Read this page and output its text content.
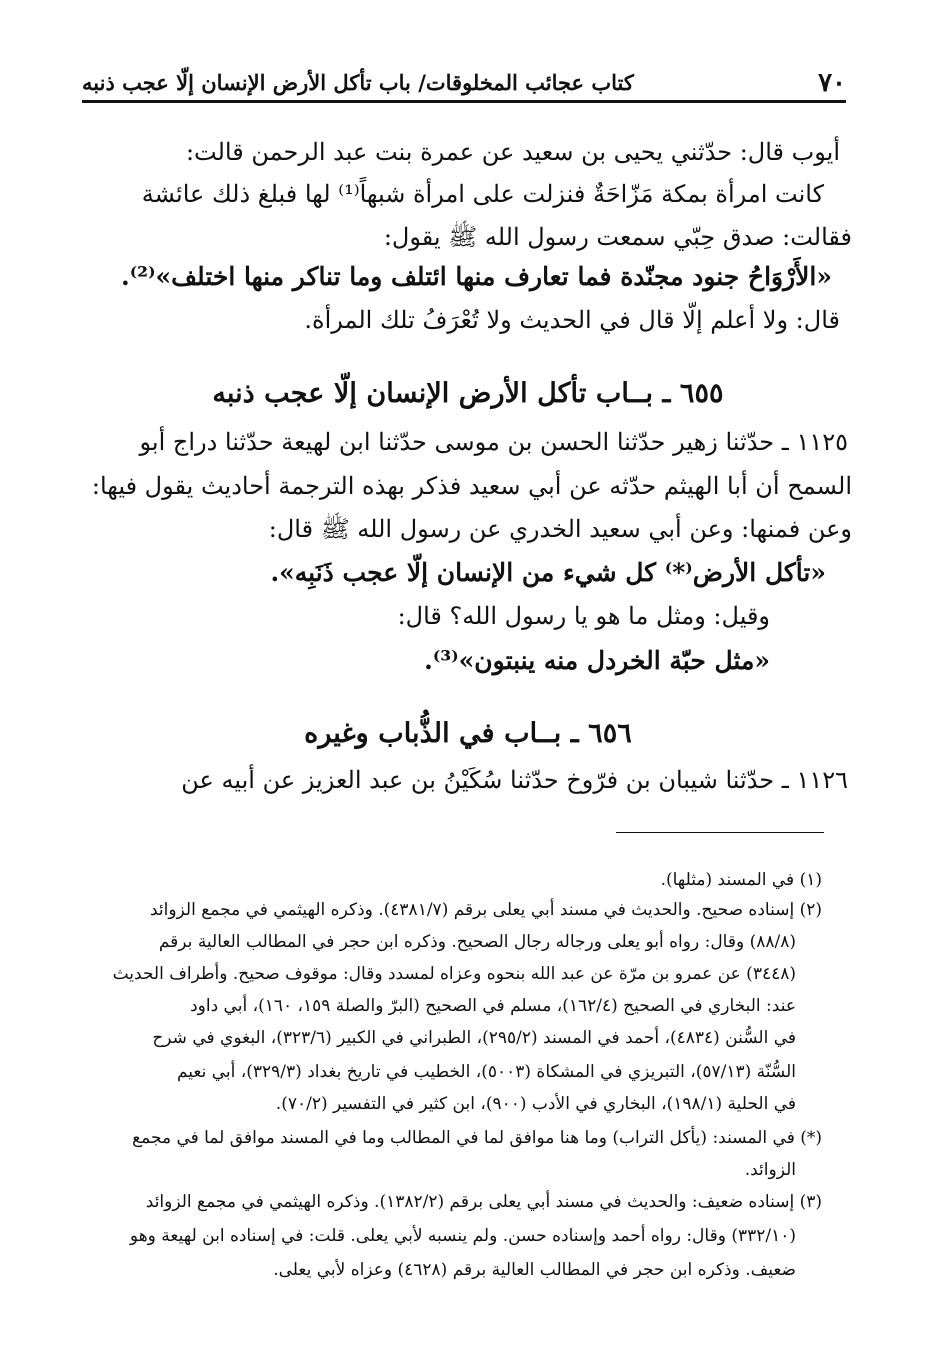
٧٠
كتاب عجائب المخلوقات/ باب تأكل الأرض الإنسان إلّا عجب ذنبه
أيوب قال: حدّثني يحيى بن سعيد عن عمرة بنت عبد الرحمن قالت:
كانت امرأة بمكة مَزّاحَةٌ فنزلت على امرأة شبهاً⁽¹⁾ لها فبلغ ذلك عائشة
فقالت: صدق حِبّي سمعت رسول الله ﷺ يقول:
«الأَرْوَاحُ جنود مجنّدة فما تعارف منها ائتلف وما تناكر منها اختلف»⁽²⁾.
قال: ولا أعلم إلّا قال في الحديث ولا تُعْرَفُ تلك المرأة.
٦٥٥ ـ بــاب تأكل الأرض الإنسان إلّا عجب ذنبه
١١٢٥ ـ حدّثنا زهير حدّثنا الحسن بن موسى حدّثنا ابن لهيعة حدّثنا دراج أبو
السمح أن أبا الهيثم حدّثه عن أبي سعيد فذكر بهذه الترجمة أحاديث يقول فيها:
وعن فمنها: وعن أبي سعيد الخدري عن رسول الله ﷺ قال:
«تأكل الأرض⁽*⁾ كل شيء من الإنسان إلّا عجب ذَنَبِه».
وقيل: ومثل ما هو يا رسول الله؟ قال:
«مثل حبّة الخردل منه ينبتون»⁽³⁾.
٦٥٦ ـ بــاب في الذُّباب وغيره
١١٢٦ ـ حدّثنا شيبان بن فرّوخ حدّثنا سُكَيْنُ بن عبد العزيز عن أبيه عن
(١) في المسند (مثلها).
(٢) إسناده صحيح. والحديث في مسند أبي يعلى برقم (٤٣٨١/٧). وذكره الهيثمي في مجمع الزوائد
(٨٨/٨) وقال: رواه أبو يعلى ورجاله رجال الصحيح. وذكره ابن حجر في المطالب العالية برقم
(٣٤٤٨) عن عمرو بن مرّة عن عبد الله بنحوه وعزاه لمسدد وقال: موقوف صحيح. وأطراف الحديث
عند: البخاري في الصحيح (١٦٢/٤)، مسلم في الصحيح (البرّ والصلة ١٥٩، ١٦٠)، أبي داود
في السُّنن (٤٨٣٤)، أحمد في المسند (٢٩٥/٢)، الطبراني في الكبير (٣٢٣/٦)، البغوي في شرح
السُّنّة (٥٧/١٣)، التبريزي في المشكاة (٥٠٠٣)، الخطيب في تاريخ بغداد (٣٢٩/٣)، أبي نعيم
في الحلية (١٩٨/١)، البخاري في الأدب (٩٠٠)، ابن كثير في التفسير (٧٠/٢).
(*) في المسند: (يأكل التراب) وما هنا موافق لما في المطالب وما في المسند موافق لما في مجمع
الزوائد.
(٣) إسناده ضعيف: والحديث في مسند أبي يعلى برقم (١٣٨٢/٢). وذكره الهيثمي في مجمع الزوائد
(٣٣٢/١٠) وقال: رواه أحمد وإسناده حسن. ولم ينسبه لأبي يعلى. قلت: في إسناده ابن لهيعة وهو
ضعيف. وذكره ابن حجر في المطالب العالية برقم (٤٦٢٨) وعزاه لأبي يعلى.
